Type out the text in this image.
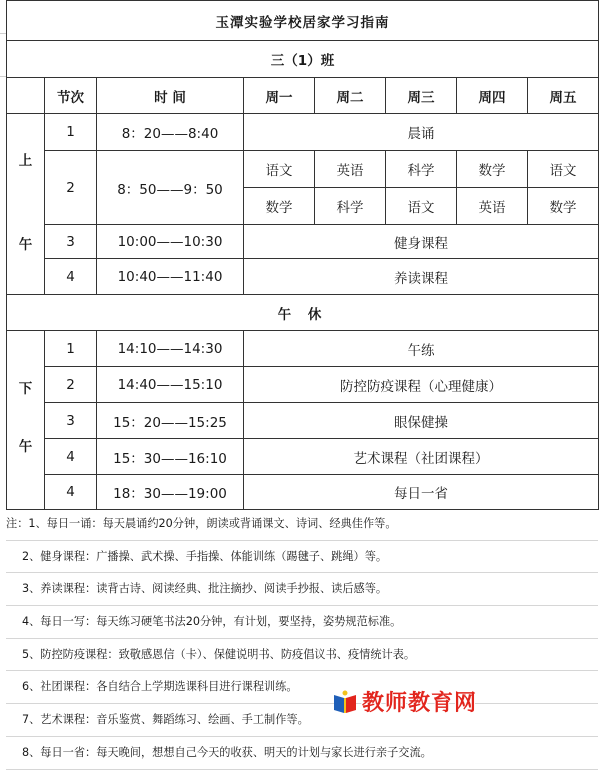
玉潭实验学校居家学习指南							
三（1）班							
	节次	时 间	周一	周二	周三	周四	周五

上
午	1	8：20——8:40	晨诵				
	2	8：50——9：50	语文	英语	科学	数学	语文
			数学	科学	语文	英语	数学
	3	10:00——10:30	健身课程				
	4	10:40——11:40	养读课程				
午 休							

下
午	1	14:10——14:30	午练				
	2	14:40——15:10	防控防疫课程（心理健康）				
	3	15：20——15:25	眼保健操				
	4	15：30——16:10	艺术课程（社团课程）				
	4	18：30——19:00	每日一省				
注：1、每日一诵：每天晨诵约20分钟，朗读或背诵课文、诗词、经典佳作等。
2、健身课程：广播操、武术操、手指操、体能训练（踢毽子、跳绳）等。
3、养读课程：读背古诗、阅读经典、批注摘抄、阅读手抄报、读后感等。
4、每日一写：每天练习硬笔书法20分钟，有计划，要坚持，姿势规范标准。
5、防控防疫课程：致敬感恩信（卡）、保健说明书、防疫倡议书、疫情统计表。
6、社团课程：各自结合上学期选课科目进行课程训练。
7、艺术课程：音乐鉴赏、舞蹈练习、绘画、手工制作等。
8、每日一省：每天晚间，想想自己今天的收获、明天的计划与家长进行亲子交流。
教师教育网
